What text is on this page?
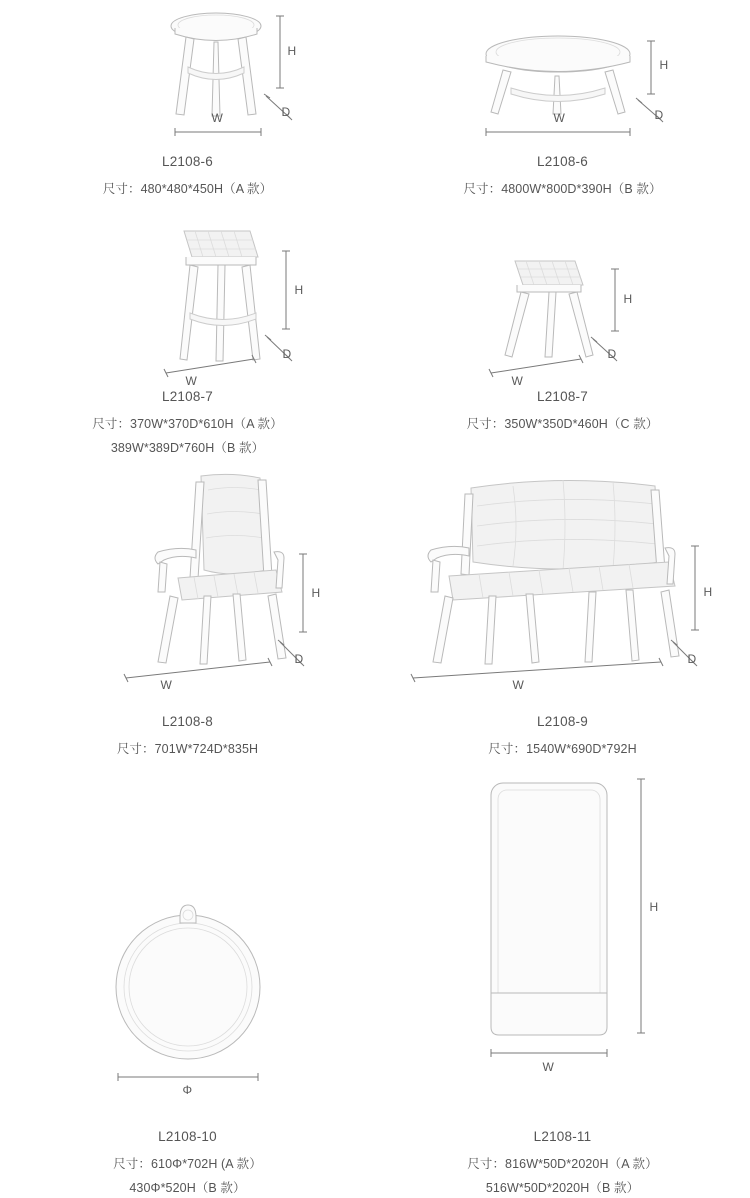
H
D
W
L2108-6
尺寸：480*480*450H（A 款）
H
D
W
L2108-6
尺寸：4800W*800D*390H（B 款）
H
D
W
L2108-7
尺寸：370W*370D*610H（A 款）
389W*389D*760H（B 款）
H
D
W
L2108-7
尺寸：350W*350D*460H（C 款）
H
D
W
L2108-8
尺寸：701W*724D*835H
H
D
W
L2108-9
尺寸：1540W*690D*792H
Φ
L2108-10
尺寸：610Φ*702H (A 款）
430Φ*520H（B 款）
H
W
L2108-11
尺寸：816W*50D*2020H（A 款）
516W*50D*2020H（B 款）
